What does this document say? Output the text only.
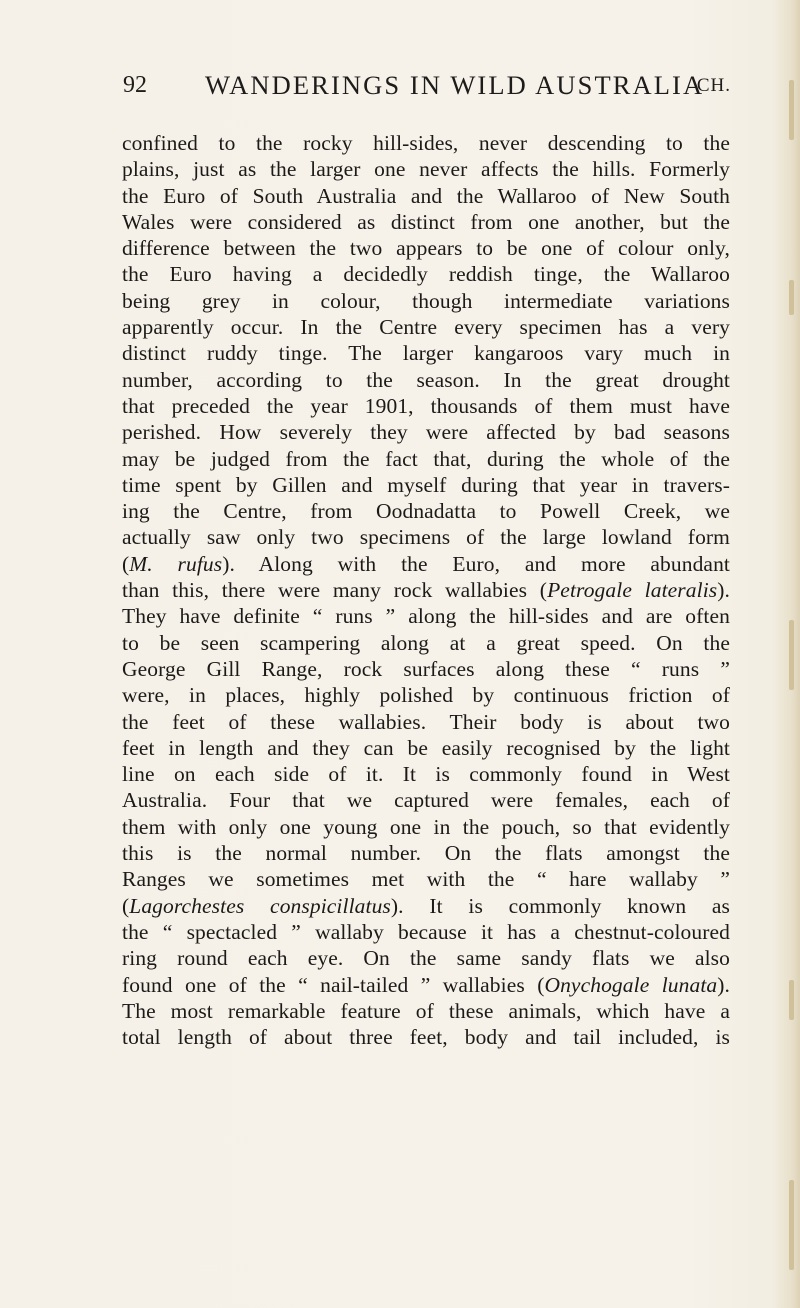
92 WANDERINGS IN WILD AUSTRALIA
CH.
confined to the rocky hill-sides, never descending to the
plains, just as the larger one never affects the hills. Formerly
the Euro of South Australia and the Wallaroo of New South
Wales were considered as distinct from one another, but the
difference between the two appears to be one of colour only,
the Euro having a decidedly reddish tinge, the Wallaroo
being grey in colour, though intermediate variations
apparently occur. In the Centre every specimen has a very
distinct ruddy tinge. The larger kangaroos vary much in
number, according to the season. In the great drought
that preceded the year 1901, thousands of them must have
perished. How severely they were affected by bad seasons
may be judged from the fact that, during the whole of the
time spent by Gillen and myself during that year in travers-
ing the Centre, from Oodnadatta to Powell Creek, we
actually saw only two specimens of the large lowland form
(M. rufus). Along with the Euro, and more abundant
than this, there were many rock wallabies (Petrogale lateralis).
They have definite “ runs ” along the hill-sides and are often
to be seen scampering along at a great speed. On the
George Gill Range, rock surfaces along these “ runs ”
were, in places, highly polished by continuous friction of
the feet of these wallabies. Their body is about two
feet in length and they can be easily recognised by the light
line on each side of it. It is commonly found in West
Australia. Four that we captured were females, each of
them with only one young one in the pouch, so that evidently
this is the normal number. On the flats amongst the
Ranges we sometimes met with the “ hare wallaby ”
(Lagorchestes conspicillatus). It is commonly known as
the “ spectacled ” wallaby because it has a chestnut-coloured
ring round each eye. On the same sandy flats we also
found one of the “ nail-tailed ” wallabies (Onychogale lunata).
The most remarkable feature of these animals, which have a
total length of about three feet, body and tail included, is
